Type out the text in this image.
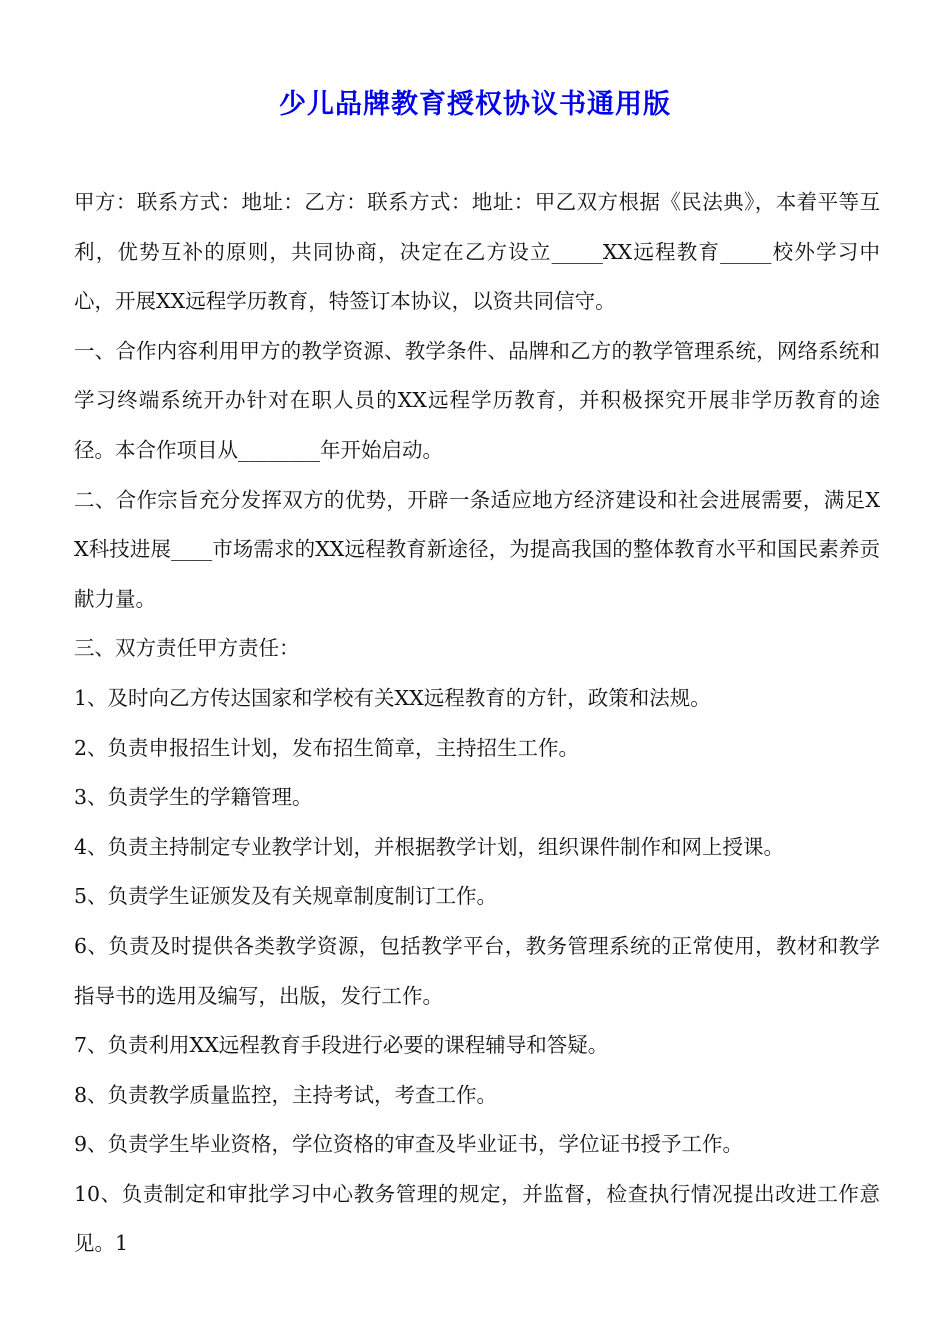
少儿品牌教育授权协议书通用版

甲方：联系方式：地址：乙方：联系方式：地址：甲乙双方根据《民法典》，本着平等互利，优势互补的原则，共同协商，决定在乙方设立_____XX远程教育_____校外学习中心，开展XX远程学历教育，特签订本协议，以资共同信守。

一、合作内容利用甲方的教学资源、教学条件、品牌和乙方的教学管理系统，网络系统和学习终端系统开办针对在职人员的XX远程学历教育，并积极探究开展非学历教育的途径。本合作项目从________年开始启动。

二、合作宗旨充分发挥双方的优势，开辟一条适应地方经济建设和社会进展需要，满足XX科技进展____市场需求的XX远程教育新途径，为提高我国的整体教育水平和国民素养贡献力量。

三、双方责任甲方责任：

1、及时向乙方传达国家和学校有关XX远程教育的方针，政策和法规。

2、负责申报招生计划，发布招生简章，主持招生工作。

3、负责学生的学籍管理。

4、负责主持制定专业教学计划，并根据教学计划，组织课件制作和网上授课。

5、负责学生证颁发及有关规章制度制订工作。

6、负责及时提供各类教学资源，包括教学平台，教务管理系统的正常使用，教材和教学指导书的选用及编写，出版，发行工作。

7、负责利用XX远程教育手段进行必要的课程辅导和答疑。

8、负责教学质量监控，主持考试，考查工作。

9、负责学生毕业资格，学位资格的审查及毕业证书，学位证书授予工作。

10、负责制定和审批学习中心教务管理的规定，并监督，检查执行情况提出改进工作意见。1
